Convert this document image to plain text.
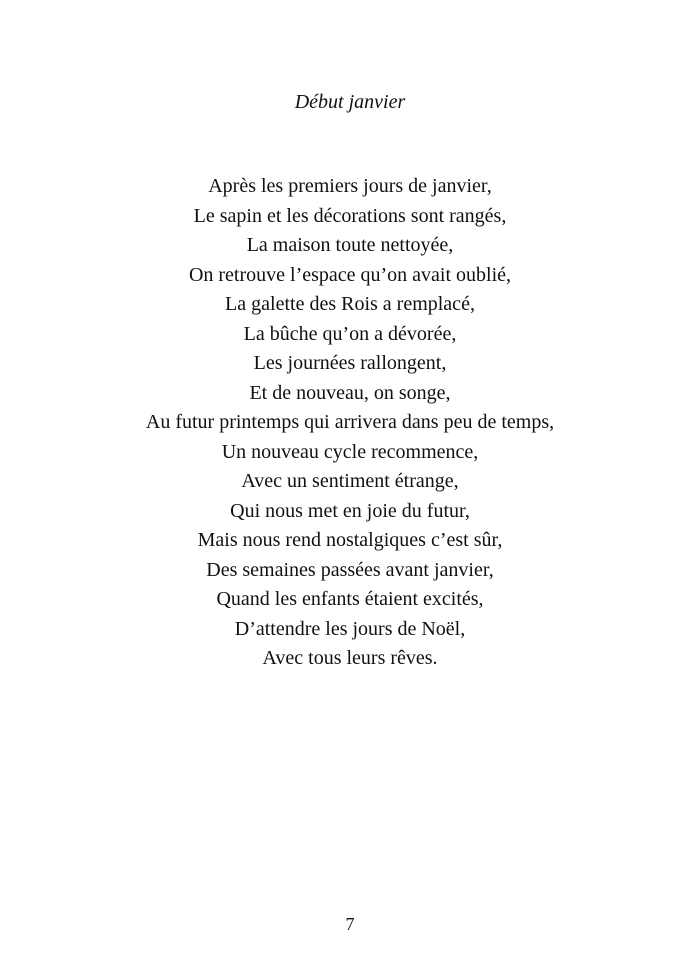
Début janvier
Après les premiers jours de janvier,
Le sapin et les décorations sont rangés,
La maison toute nettoyée,
On retrouve l’espace qu’on avait oublié,
La galette des Rois a remplacé,
La bûche qu’on a dévorée,
Les journées rallongent,
Et de nouveau, on songe,
Au futur printemps qui arrivera dans peu de temps,
Un nouveau cycle recommence,
Avec un sentiment étrange,
Qui nous met en joie du futur,
Mais nous rend nostalgiques c’est sûr,
Des semaines passées avant janvier,
Quand les enfants étaient excités,
D’attendre les jours de Noël,
Avec tous leurs rêves.
7
